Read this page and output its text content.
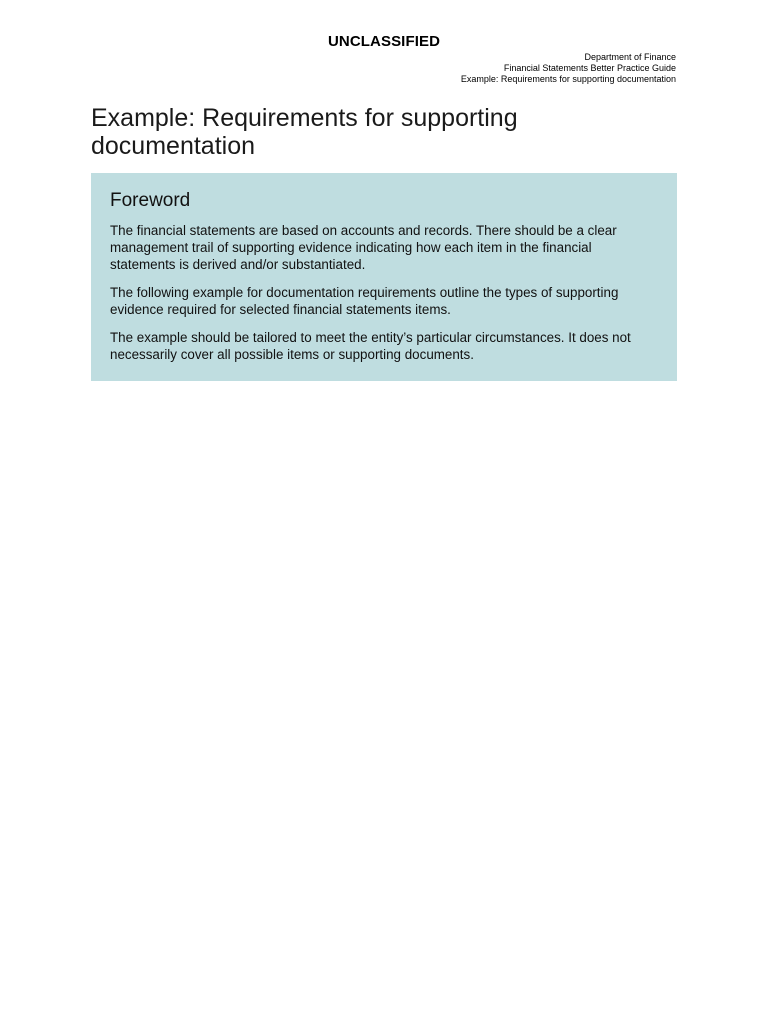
UNCLASSIFIED
Department of Finance
Financial Statements Better Practice Guide
Example: Requirements for supporting documentation
Example: Requirements for supporting documentation
Foreword

The financial statements are based on accounts and records. There should be a clear management trail of supporting evidence indicating how each item in the financial statements is derived and/or substantiated.

The following example for documentation requirements outline the types of supporting evidence required for selected financial statements items.

The example should be tailored to meet the entity’s particular circumstances. It does not necessarily cover all possible items or supporting documents.
